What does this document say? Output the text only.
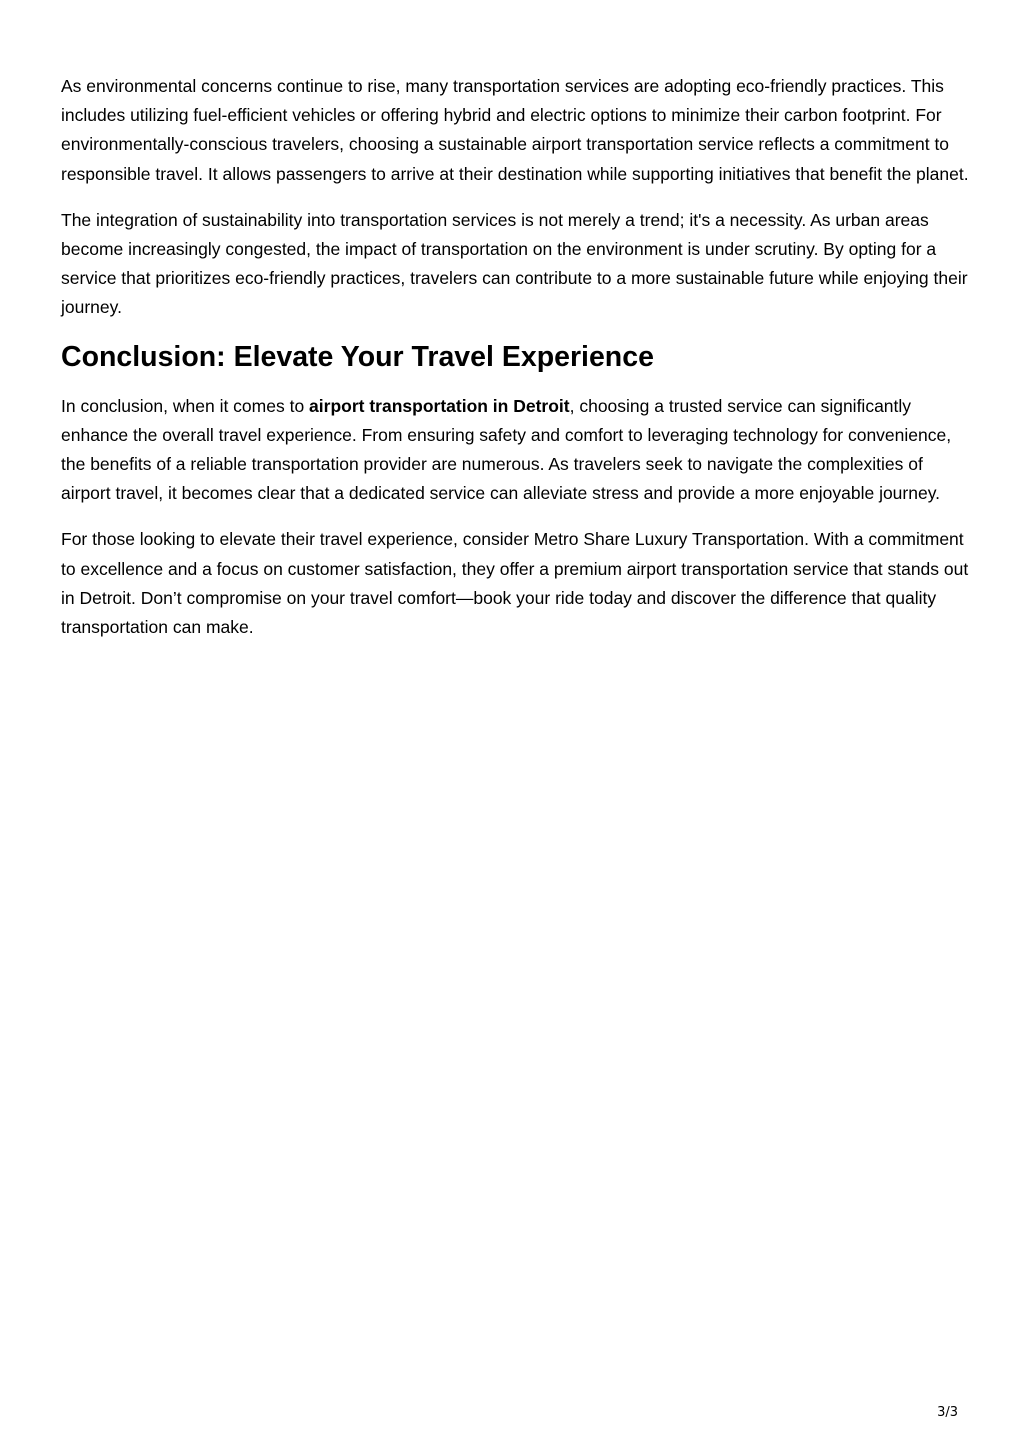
As environmental concerns continue to rise, many transportation services are adopting eco-friendly practices. This includes utilizing fuel-efficient vehicles or offering hybrid and electric options to minimize their carbon footprint. For environmentally-conscious travelers, choosing a sustainable airport transportation service reflects a commitment to responsible travel. It allows passengers to arrive at their destination while supporting initiatives that benefit the planet.

The integration of sustainability into transportation services is not merely a trend; it's a necessity. As urban areas become increasingly congested, the impact of transportation on the environment is under scrutiny. By opting for a service that prioritizes eco-friendly practices, travelers can contribute to a more sustainable future while enjoying their journey.

Conclusion: Elevate Your Travel Experience

In conclusion, when it comes to airport transportation in Detroit, choosing a trusted service can significantly enhance the overall travel experience. From ensuring safety and comfort to leveraging technology for convenience, the benefits of a reliable transportation provider are numerous. As travelers seek to navigate the complexities of airport travel, it becomes clear that a dedicated service can alleviate stress and provide a more enjoyable journey.

For those looking to elevate their travel experience, consider Metro Share Luxury Transportation. With a commitment to excellence and a focus on customer satisfaction, they offer a premium airport transportation service that stands out in Detroit. Don’t compromise on your travel comfort—book your ride today and discover the difference that quality transportation can make.

3/3
